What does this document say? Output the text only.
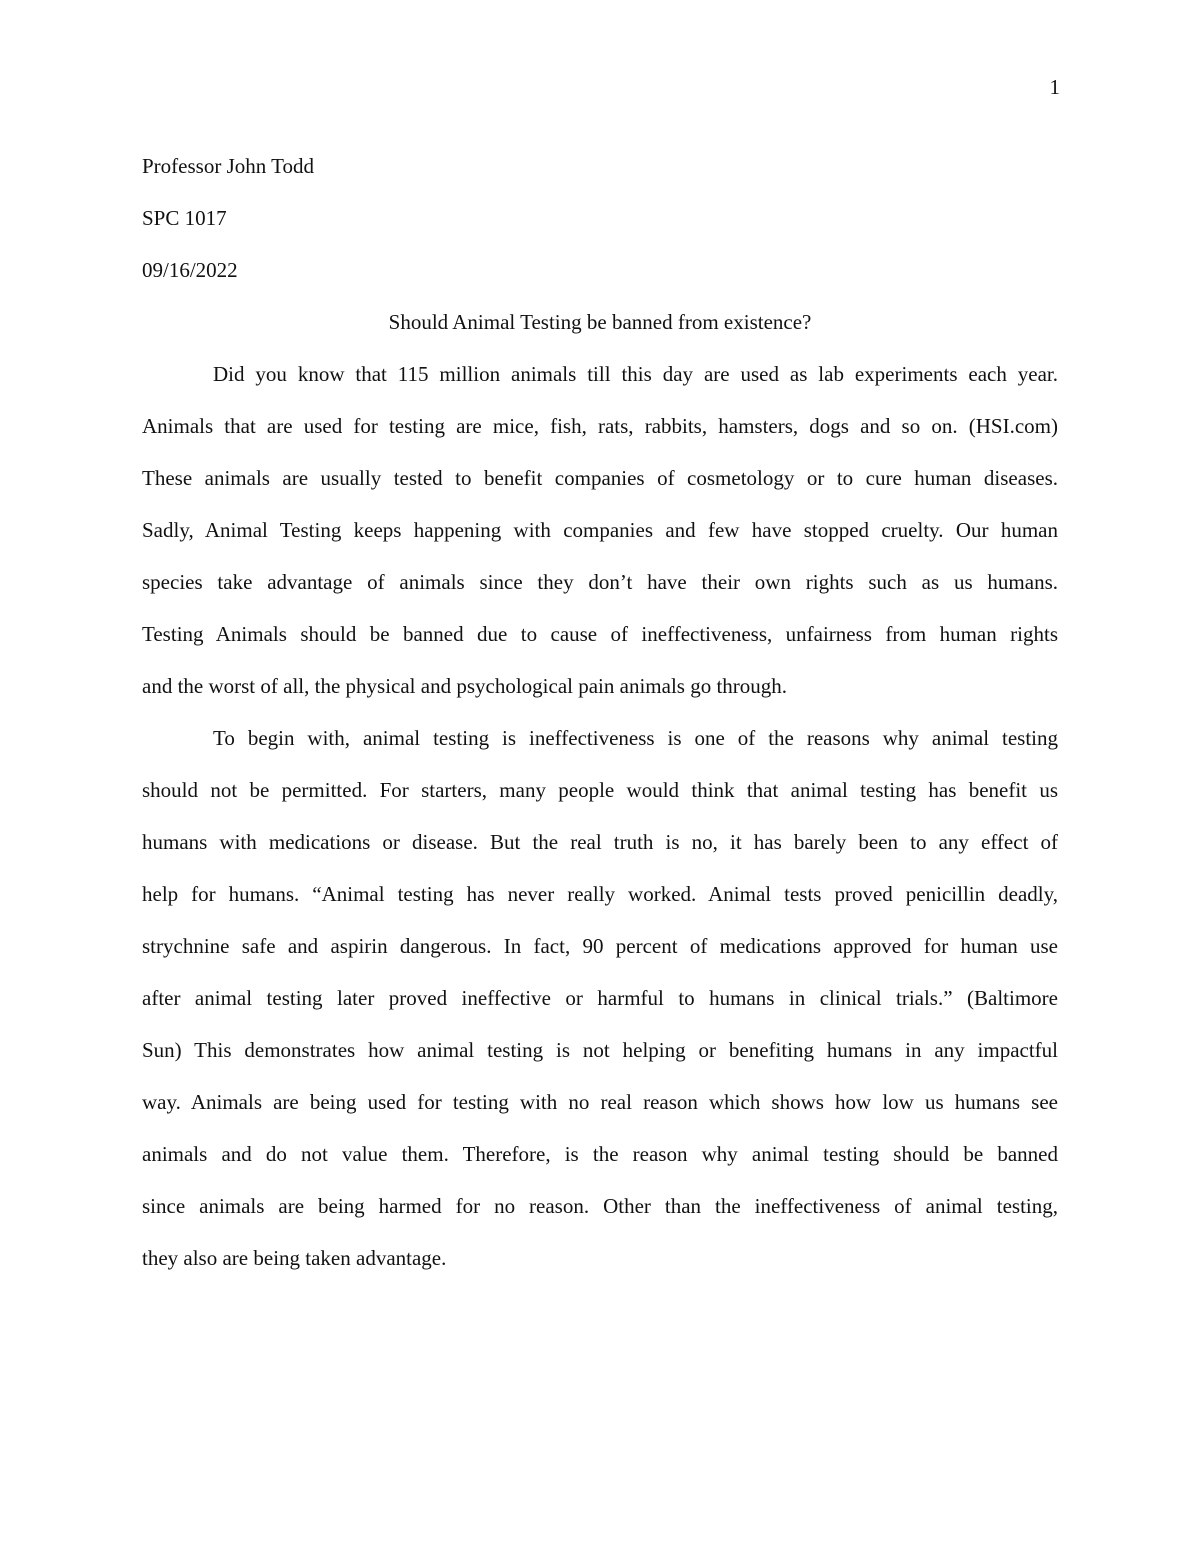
1
Professor John Todd
SPC 1017
09/16/2022
Should Animal Testing be banned from existence?
Did you know that 115 million animals till this day are used as lab experiments each year.
Animals that are used for testing are mice, fish, rats, rabbits, hamsters, dogs and so on. (HSI.com)
These animals are usually tested to benefit companies of cosmetology or to cure human diseases.
Sadly, Animal Testing keeps happening with companies and few have stopped cruelty. Our human
species take advantage of animals since they don’t have their own rights such as us humans.
Testing Animals should be banned due to cause of ineffectiveness, unfairness from human rights
and the worst of all, the physical and psychological pain animals go through.
To begin with, animal testing is ineffectiveness is one of the reasons why animal testing
should not be permitted. For starters, many people would think that animal testing has benefit us
humans with medications or disease. But the real truth is no, it has barely been to any effect of
help for humans. “Animal testing has never really worked. Animal tests proved penicillin deadly,
strychnine safe and aspirin dangerous. In fact, 90 percent of medications approved for human use
after animal testing later proved ineffective or harmful to humans in clinical trials.” (Baltimore
Sun) This demonstrates how animal testing is not helping or benefiting humans in any impactful
way. Animals are being used for testing with no real reason which shows how low us humans see
animals and do not value them. Therefore, is the reason why animal testing should be banned
since animals are being harmed for no reason. Other than the ineffectiveness of animal testing,
they also are being taken advantage.
